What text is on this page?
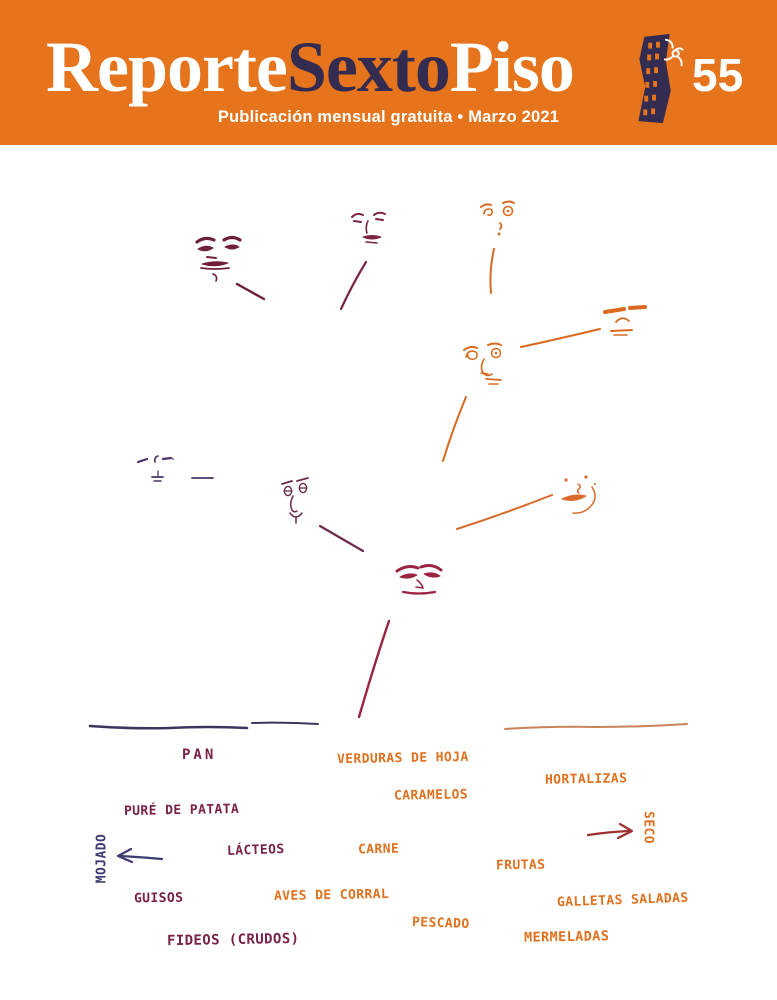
ReporteSextoPiso	55
Publicación mensual gratuita • Marzo 2021
PAN	VERDURAS DE HOJA
HORTALIZAS
PURÉ DE PATATA
CARAMELOS
SECO
MOJADO	LÁCTEOS	CARNE
FRUTAS
GUISOS	AVES DE CORRAL	GALLETAS SALADAS
PESCADO
MERMELADAS
FIDEOS (CRUDOS)
